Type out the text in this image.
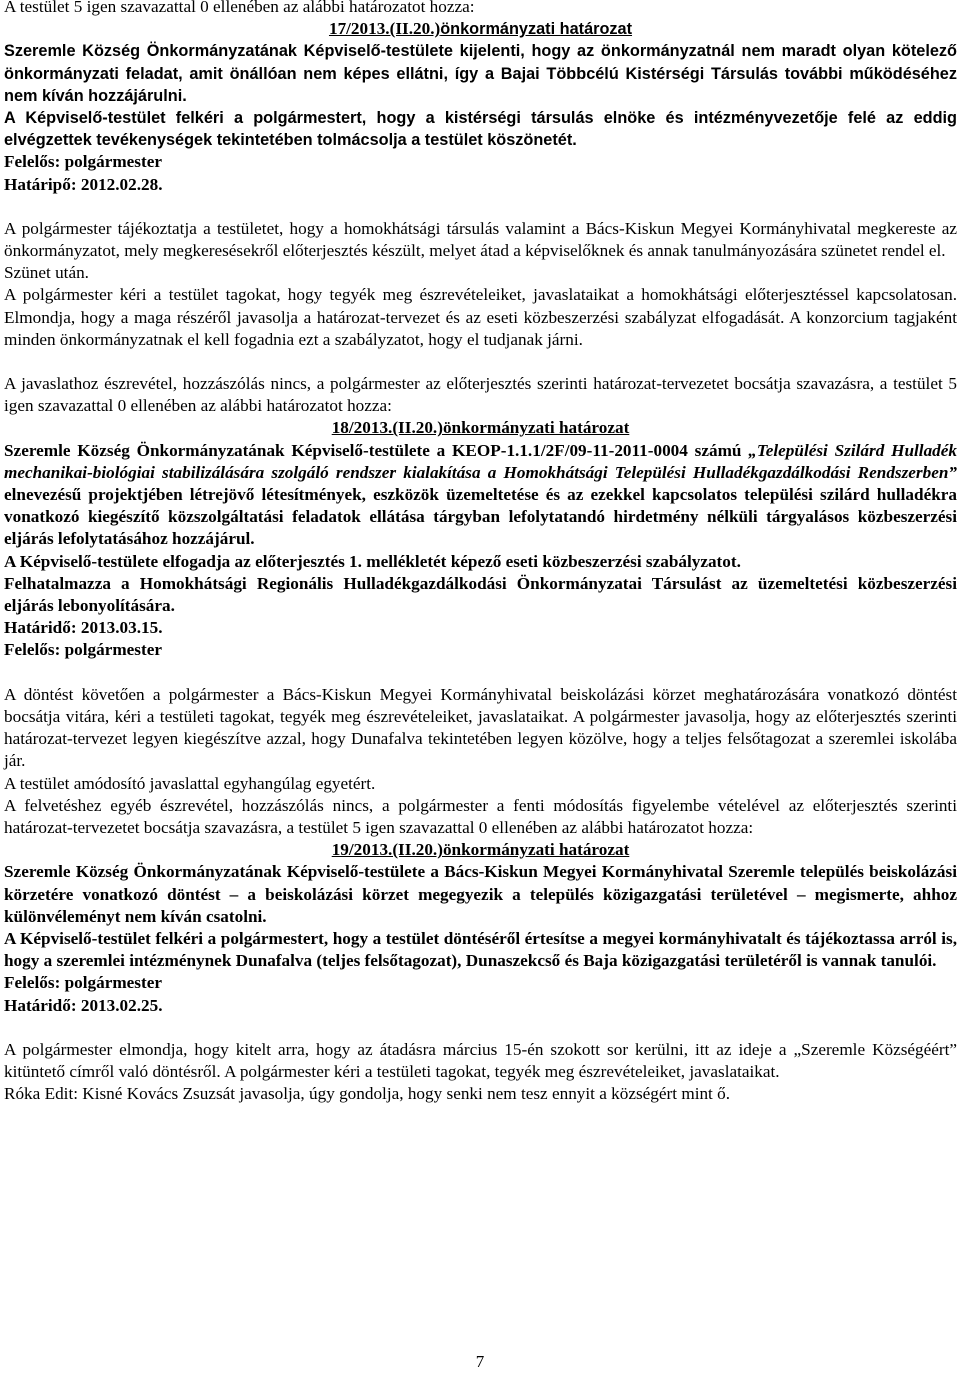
A testület 5 igen szavazattal 0 ellenében az alábbi határozatot hozza:

17/2013.(II.20.)önkormányzati határozat

Szeremle Község Önkormányzatának Képviselő-testülete kijelenti, hogy az önkormányzatnál nem maradt olyan kötelező önkormányzati feladat, amit önállóan nem képes ellátni, így a Bajai Többcélú Kistérségi Társulás további működéséhez nem kíván hozzájárulni.

A Képviselő-testület felkéri a polgármestert, hogy a kistérségi társulás elnöke és intézményvezetője felé az eddig elvégzettek tevékenységek tekintetében tolmácsolja a testület köszönetét.

Felelős: polgármester

Határipő: 2012.02.28.

A polgármester tájékoztatja a testületet, hogy a homokhátsági társulás valamint a Bács-Kiskun Megyei Kormányhivatal megkereste az önkormányzatot, mely megkeresésekről előterjesztés készült, melyet átad a képviselőknek és annak tanulmányozására szünetet rendel el.

Szünet után.

A polgármester kéri a testület tagokat, hogy tegyék meg észrevételeiket, javaslataikat a homokhátsági előterjesztéssel kapcsolatosan. Elmondja, hogy a maga részéről javasolja a határozat-tervezet és az eseti közbeszerzési szabályzat elfogadását. A konzorcium tagjaként minden önkormányzatnak el kell fogadnia ezt a szabályzatot, hogy el tudjanak járni.

A javaslathoz észrevétel, hozzászólás nincs, a polgármester az előterjesztés szerinti határozat-tervezetet bocsátja szavazásra, a testület 5 igen szavazattal 0 ellenében az alábbi határozatot hozza:

18/2013.(II.20.)önkormányzati határozat

Szeremle Község Önkormányzatának Képviselő-testülete a KEOP-1.1.1/2F/09-11-2011-0004 számú „Települési Szilárd Hulladék mechanikai-biológiai stabilizálására szolgáló rendszer kialakítása a Homokhátsági Települési Hulladékgazdálkodási Rendszerben” elnevezésű projektjében létrejövő létesítmények, eszközök üzemeltetése és az ezekkel kapcsolatos települési szilárd hulladékra vonatkozó kiegészítő közszolgáltatási feladatok ellátása tárgyban lefolytatandó hirdetmény nélküli tárgyalásos közbeszerzési eljárás lefolytatásához hozzájárul.

A Képviselő-testülete elfogadja az előterjesztés 1. mellékletét képező eseti közbeszerzési szabályzatot.

Felhatalmazza a Homokhátsági Regionális Hulladékgazdálkodási Önkormányzatai Társulást az üzemeltetési közbeszerzési eljárás lebonyolítására.

Határidő: 2013.03.15.

Felelős: polgármester

A döntést követően a polgármester a Bács-Kiskun Megyei Kormányhivatal beiskolázási körzet meghatározására vonatkozó döntést bocsátja vitára, kéri a testületi tagokat, tegyék meg észrevételeiket, javaslataikat. A polgármester javasolja, hogy az előterjesztés szerinti határozat-tervezet legyen kiegészítve azzal, hogy Dunafalva tekintetében legyen közölve, hogy a teljes felsőtagozat a szeremlei iskolába jár.

A testület amódosító javaslattal egyhangúlag egyetért.

A felvetéshez egyéb észrevétel, hozzászólás nincs, a polgármester a fenti módosítás figyelembe vételével az előterjesztés szerinti határozat-tervezetet bocsátja szavazásra, a testület 5 igen szavazattal 0 ellenében az alábbi határozatot hozza:

19/2013.(II.20.)önkormányzati határozat

Szeremle Község Önkormányzatának Képviselő-testülete a Bács-Kiskun Megyei Kormányhivatal Szeremle település beiskolázási körzetére vonatkozó döntést – a beiskolázási körzet megegyezik a település közigazgatási területével – megismerte, ahhoz különvéleményt nem kíván csatolni.

A Képviselő-testület felkéri a polgármestert, hogy a testület döntéséről értesítse a megyei kormányhivatalt és tájékoztassa arról is, hogy a szeremlei intézménynek Dunafalva (teljes felsőtagozat), Dunaszekcső és Baja közigazgatási területéről is vannak tanulói.

Felelős: polgármester

Határidő: 2013.02.25.

A polgármester elmondja, hogy kitelt arra, hogy az átadásra március 15-én szokott sor kerülni, itt az ideje a „Szeremle Községéért” kitüntető címről való döntésről. A polgármester kéri a testületi tagokat, tegyék meg észrevételeiket, javaslataikat.

Róka Edit: Kisné Kovács Zsuzsát javasolja, úgy gondolja, hogy senki nem tesz ennyit a községért mint ő.

7
